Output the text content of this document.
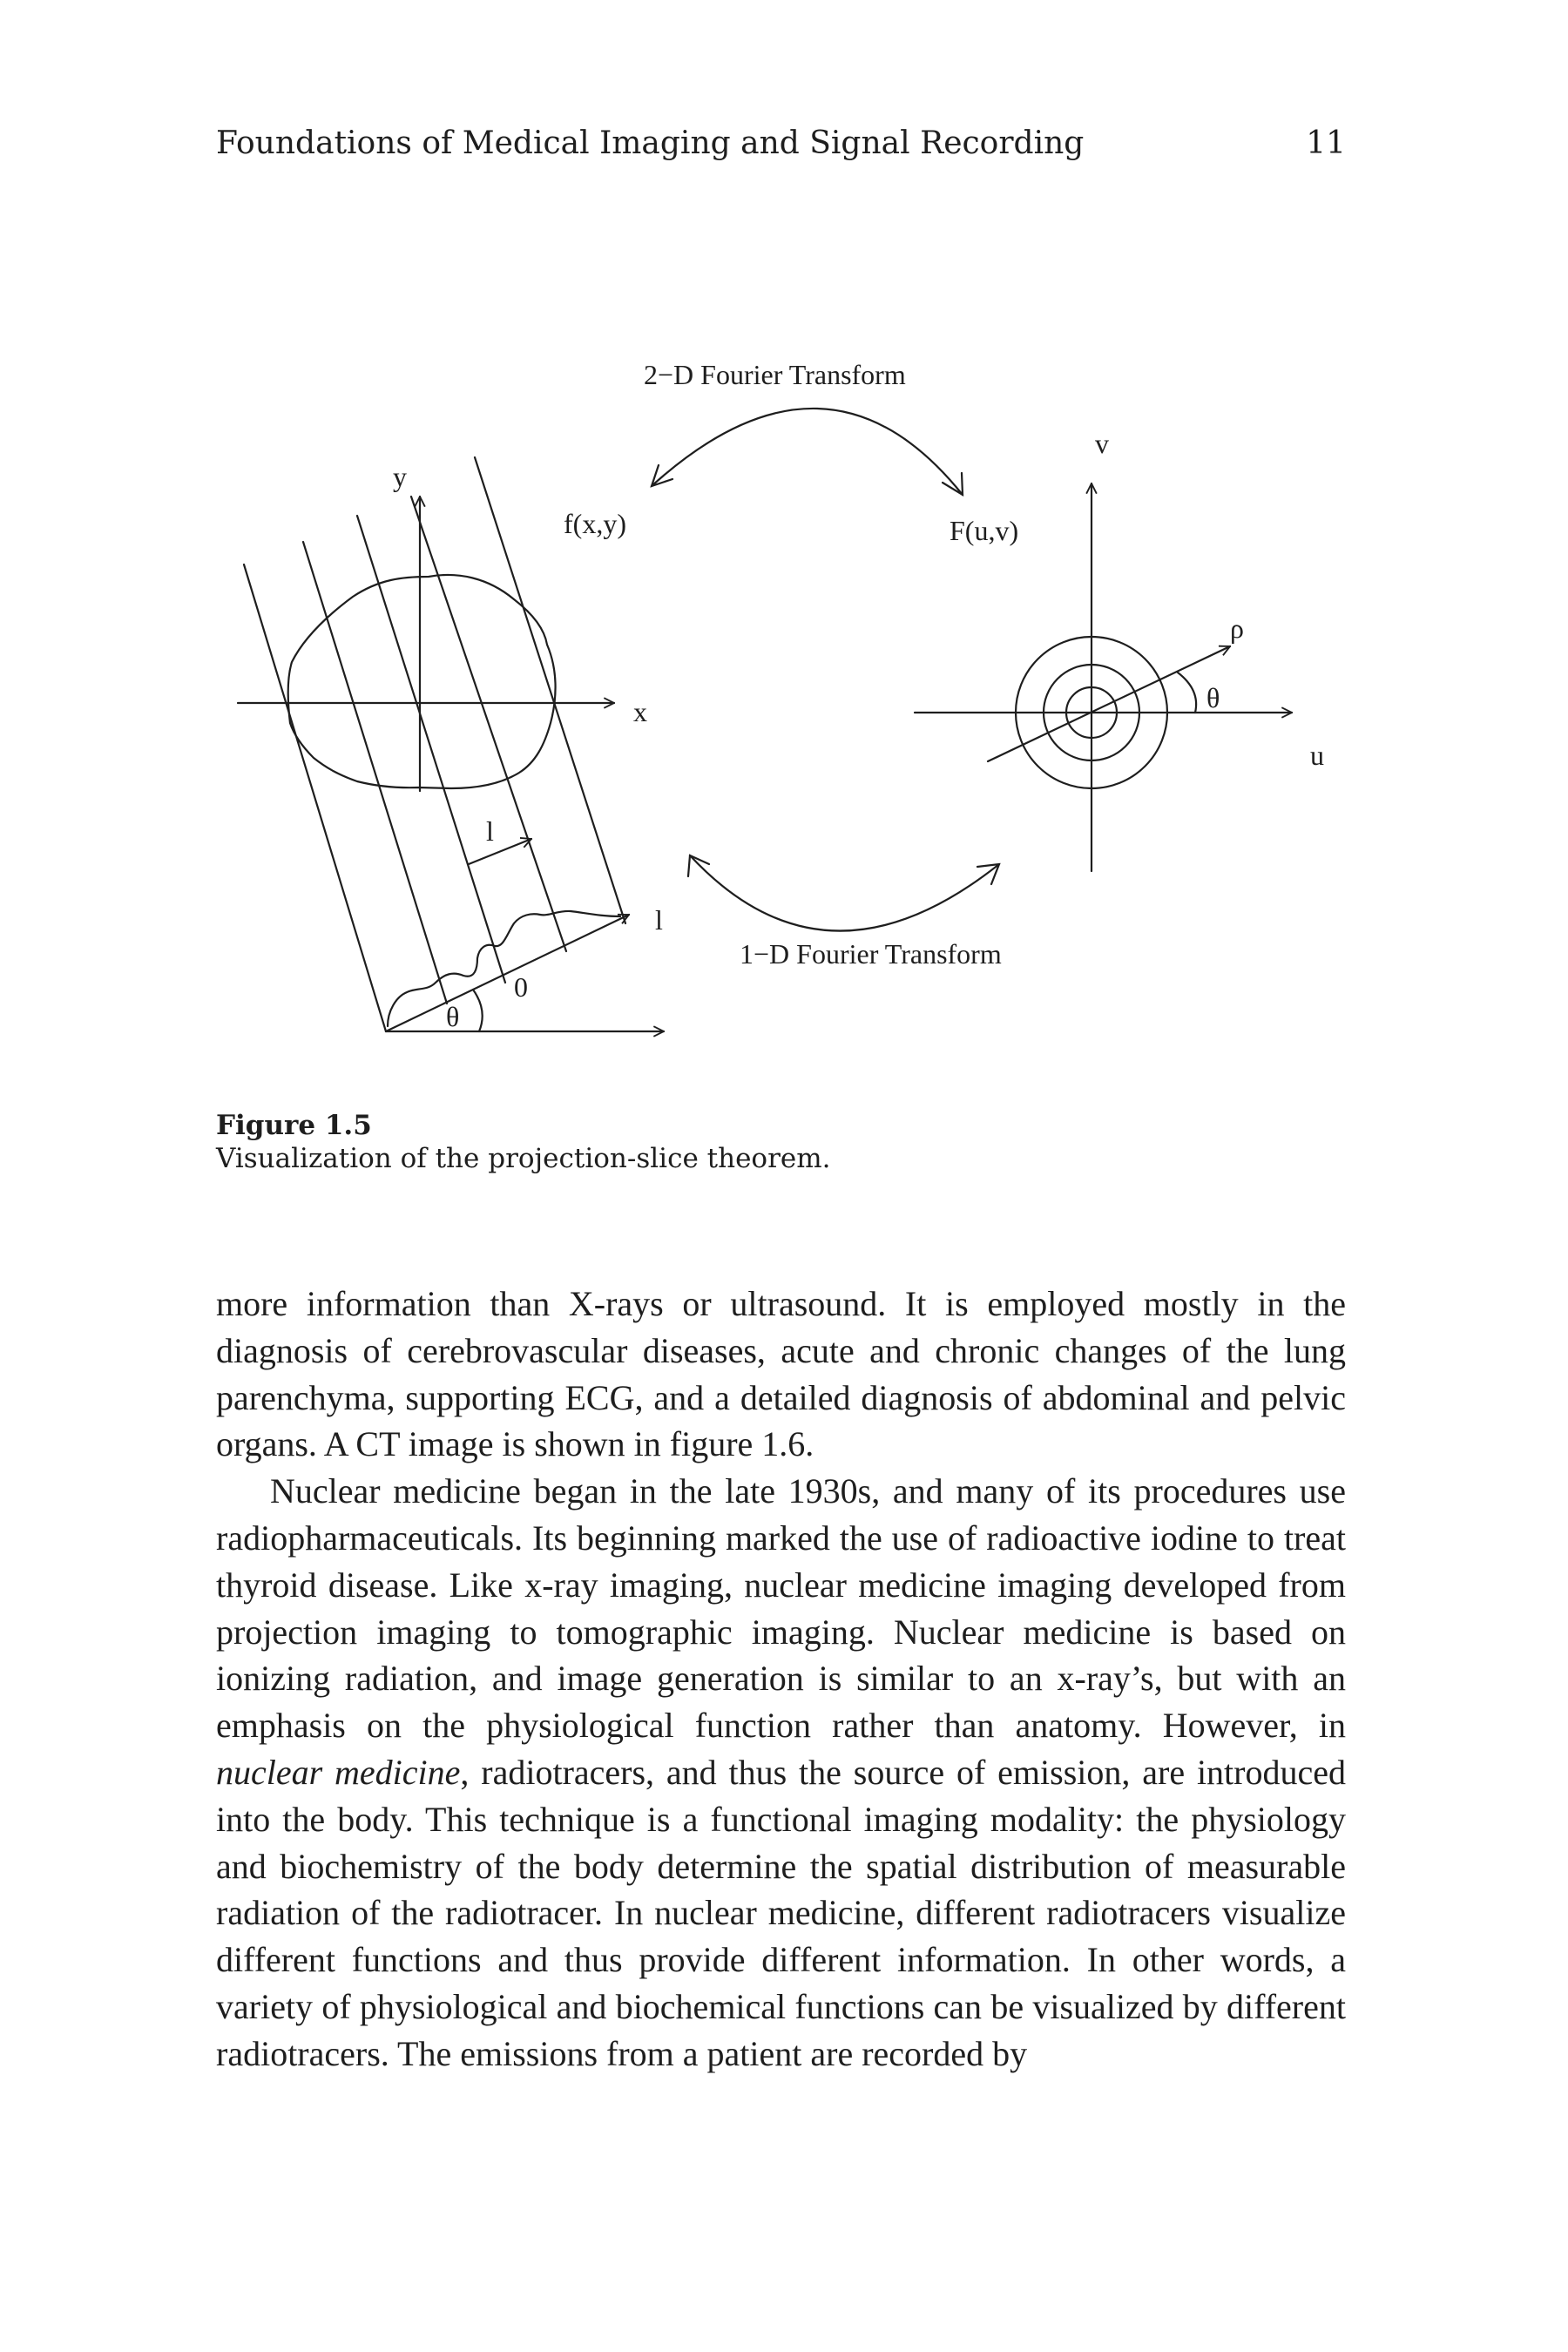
Foundations of Medical Imaging and Signal Recording	11
2−D Fourier Transform
1−D Fourier Transform
f(x,y)
y
x
l
l
0
θ
F(u,v)
v
u
ρ
θ
Figure 1.5
Visualization of the projection-slice theorem.

more information than X-rays or ultrasound. It is employed mostly in the diagnosis of cerebrovascular diseases, acute and chronic changes of the lung parenchyma, supporting ECG, and a detailed diagnosis of abdominal and pelvic organs. A CT image is shown in figure 1.6.

Nuclear medicine began in the late 1930s, and many of its procedures use radiopharmaceuticals. Its beginning marked the use of radioactive iodine to treat thyroid disease. Like x-ray imaging, nuclear medicine imaging developed from projection imaging to tomographic imaging. Nuclear medicine is based on ionizing radiation, and image generation is similar to an x-ray’s, but with an emphasis on the physiological function rather than anatomy. However, in nuclear medicine, radiotracers, and thus the source of emission, are introduced into the body. This technique is a functional imaging modality: the physiology and biochemistry of the body determine the spatial distribution of measurable radiation of the radiotracer. In nuclear medicine, different radiotracers visualize different functions and thus provide different information. In other words, a variety of physiological and biochemical functions can be visualized by different radiotracers. The emissions from a patient are recorded by
